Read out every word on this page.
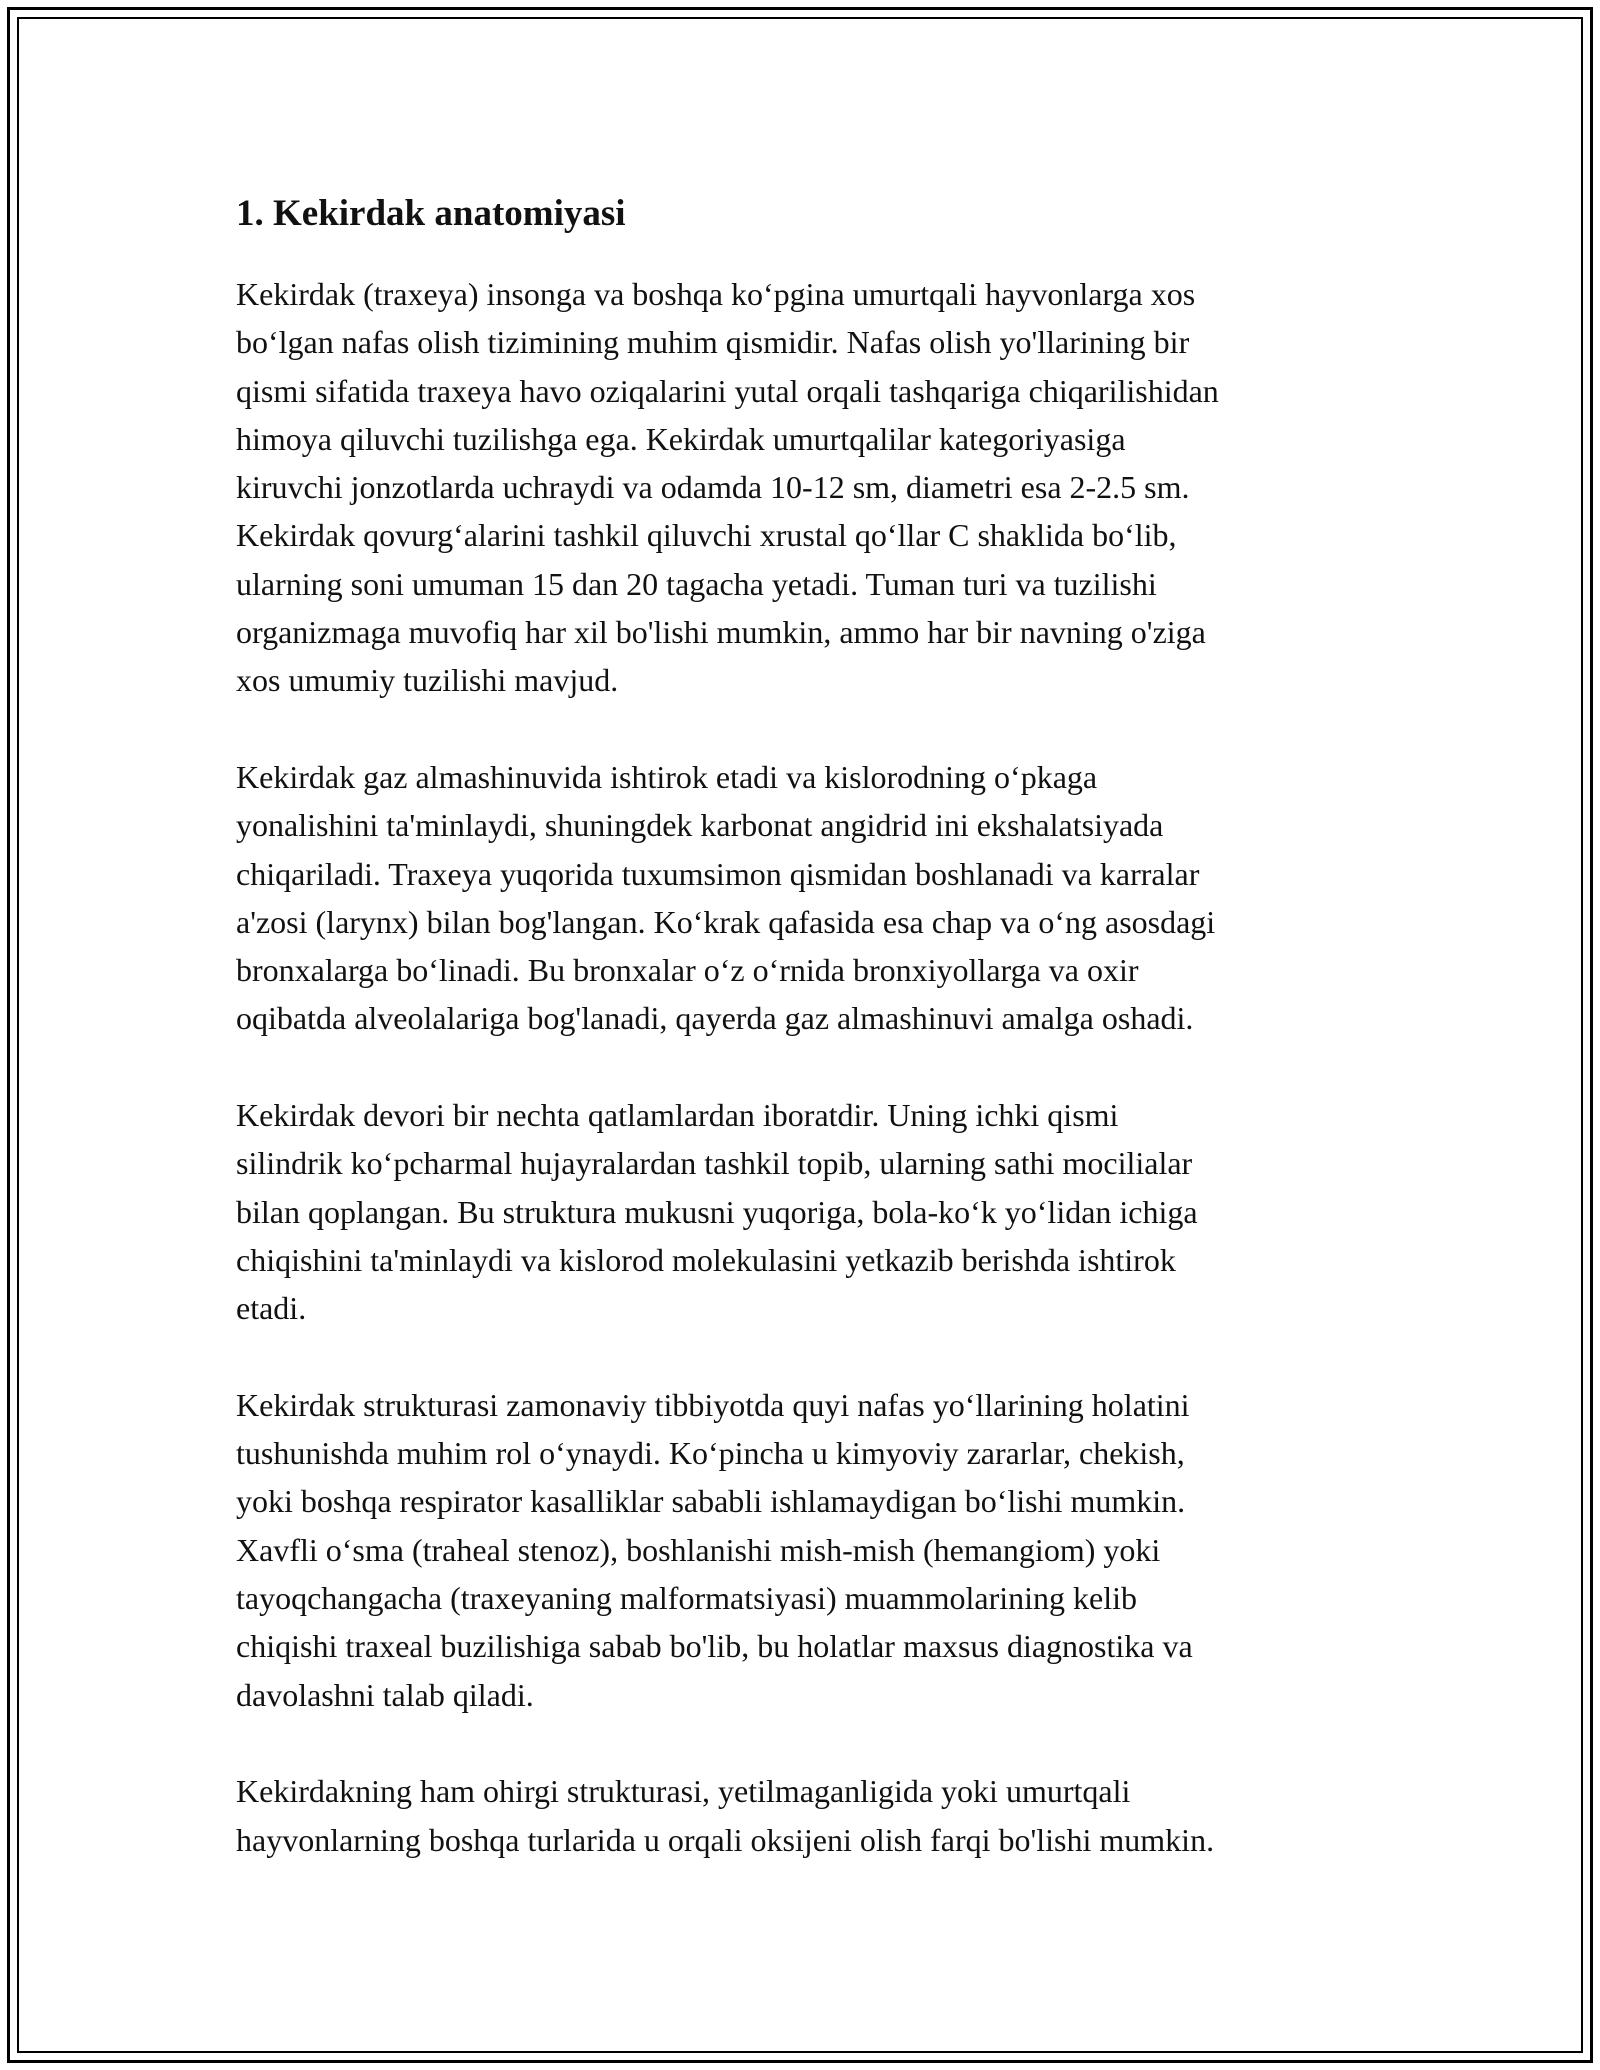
1. Kekirdak anatomiyasi

Kekirdak (traxeya) insonga va boshqa ko‘pgina umurtqali hayvonlarga xos
bo‘lgan nafas olish tizimining muhim qismidir. Nafas olish yo'llarining bir
qismi sifatida traxeya havo oziqalarini yutal orqali tashqariga chiqarilishidan
himoya qiluvchi tuzilishga ega. Kekirdak umurtqalilar kategoriyasiga
kiruvchi jonzotlarda uchraydi va odamda 10-12 sm, diametri esa 2-2.5 sm.
Kekirdak qovurg‘alarini tashkil qiluvchi xrustal qo‘llar C shaklida bo‘lib,
ularning soni umuman 15 dan 20 tagacha yetadi. Tuman turi va tuzilishi
organizmaga muvofiq har xil bo'lishi mumkin, ammo har bir navning o'ziga
xos umumiy tuzilishi mavjud.

Kekirdak gaz almashinuvida ishtirok etadi va kislorodning o‘pkaga
yonalishini ta'minlaydi, shuningdek karbonat angidrid ini ekshalatsiyada
chiqariladi. Traxeya yuqorida tuxumsimon qismidan boshlanadi va karralar
a'zosi (larynx) bilan bog'langan. Ko‘krak qafasida esa chap va o‘ng asosdagi
bronxalarga bo‘linadi. Bu bronxalar o‘z o‘rnida bronxiyollarga va oxir
oqibatda alveolalariga bog'lanadi, qayerda gaz almashinuvi amalga oshadi.

Kekirdak devori bir nechta qatlamlardan iboratdir. Uning ichki qismi
silindrik ko‘pcharmal hujayralardan tashkil topib, ularning sathi mocilialar
bilan qoplangan. Bu struktura mukusni yuqoriga, bola-ko‘k yo‘lidan ichiga
chiqishini ta'minlaydi va kislorod molekulasini yetkazib berishda ishtirok
etadi.

Kekirdak strukturasi zamonaviy tibbiyotda quyi nafas yo‘llarining holatini
tushunishda muhim rol o‘ynaydi. Ko‘pincha u kimyoviy zararlar, chekish,
yoki boshqa respirator kasalliklar sababli ishlamaydigan bo‘lishi mumkin.
Xavfli o‘sma (traheal stenoz), boshlanishi mish-mish (hemangiom) yoki
tayoqchangacha (traxeyaning malformatsiyasi) muammolarining kelib
chiqishi traxeal buzilishiga sabab bo'lib, bu holatlar maxsus diagnostika va
davolashni talab qiladi.

Kekirdakning ham ohirgi strukturasi, yetilmaganligida yoki umurtqali
hayvonlarning boshqa turlarida u orqali oksijeni olish farqi bo'lishi mumkin.
